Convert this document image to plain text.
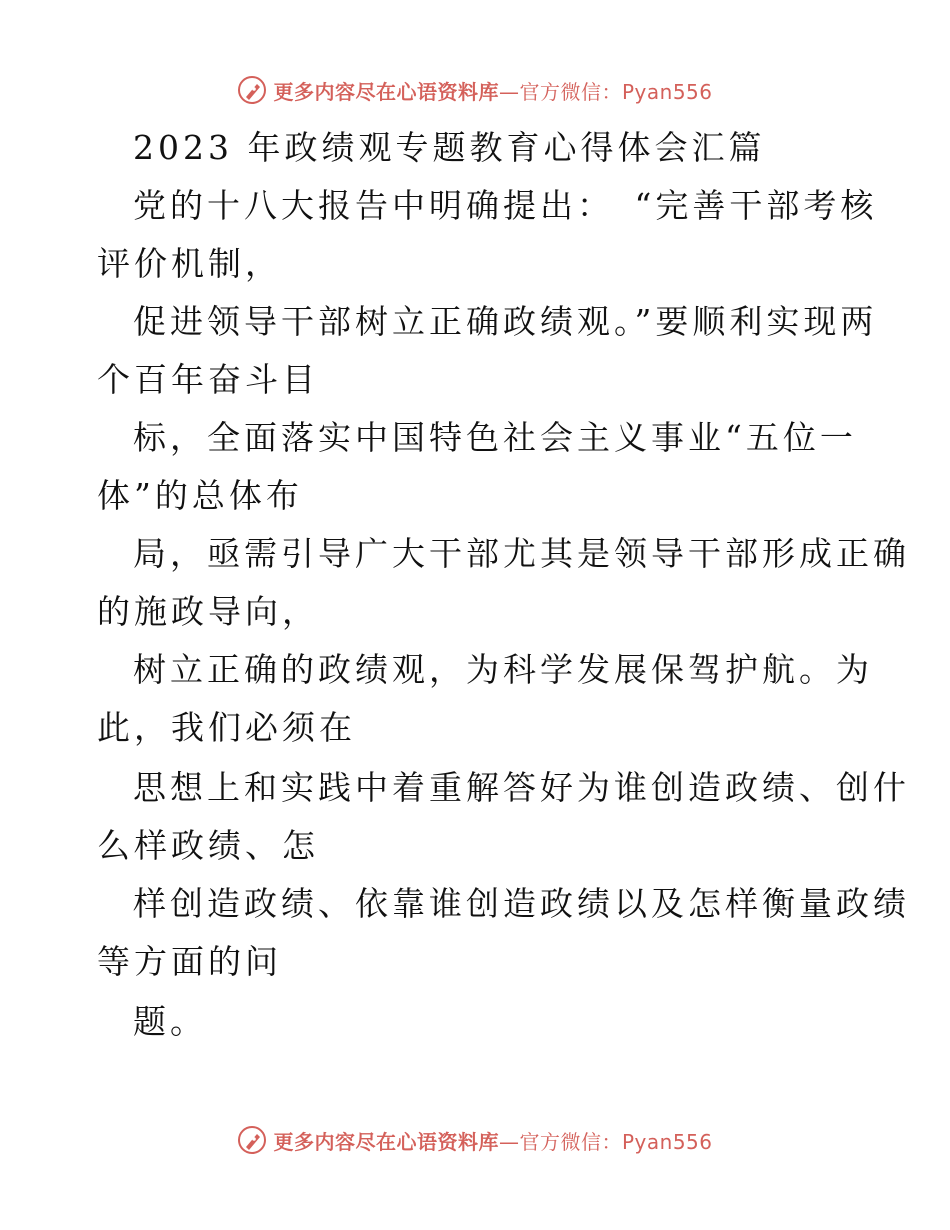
更多内容尽在心语资料库—官方微信：Pyan556
2023 年政绩观专题教育心得体会汇篇
党的十八大报告中明确提出：　“完善干部考核
评价机制，
促进领导干部树立正确政绩观。”要顺利实现两
个百年奋斗目
标，全面落实中国特色社会主义事业“五位一
体”的总体布
局，亟需引导广大干部尤其是领导干部形成正确
的施政导向，
树立正确的政绩观，为科学发展保驾护航。为
此，我们必须在
思想上和实践中着重解答好为谁创造政绩、创什
么样政绩、怎
样创造政绩、依靠谁创造政绩以及怎样衡量政绩
等方面的问
题。
更多内容尽在心语资料库—官方微信：Pyan556
